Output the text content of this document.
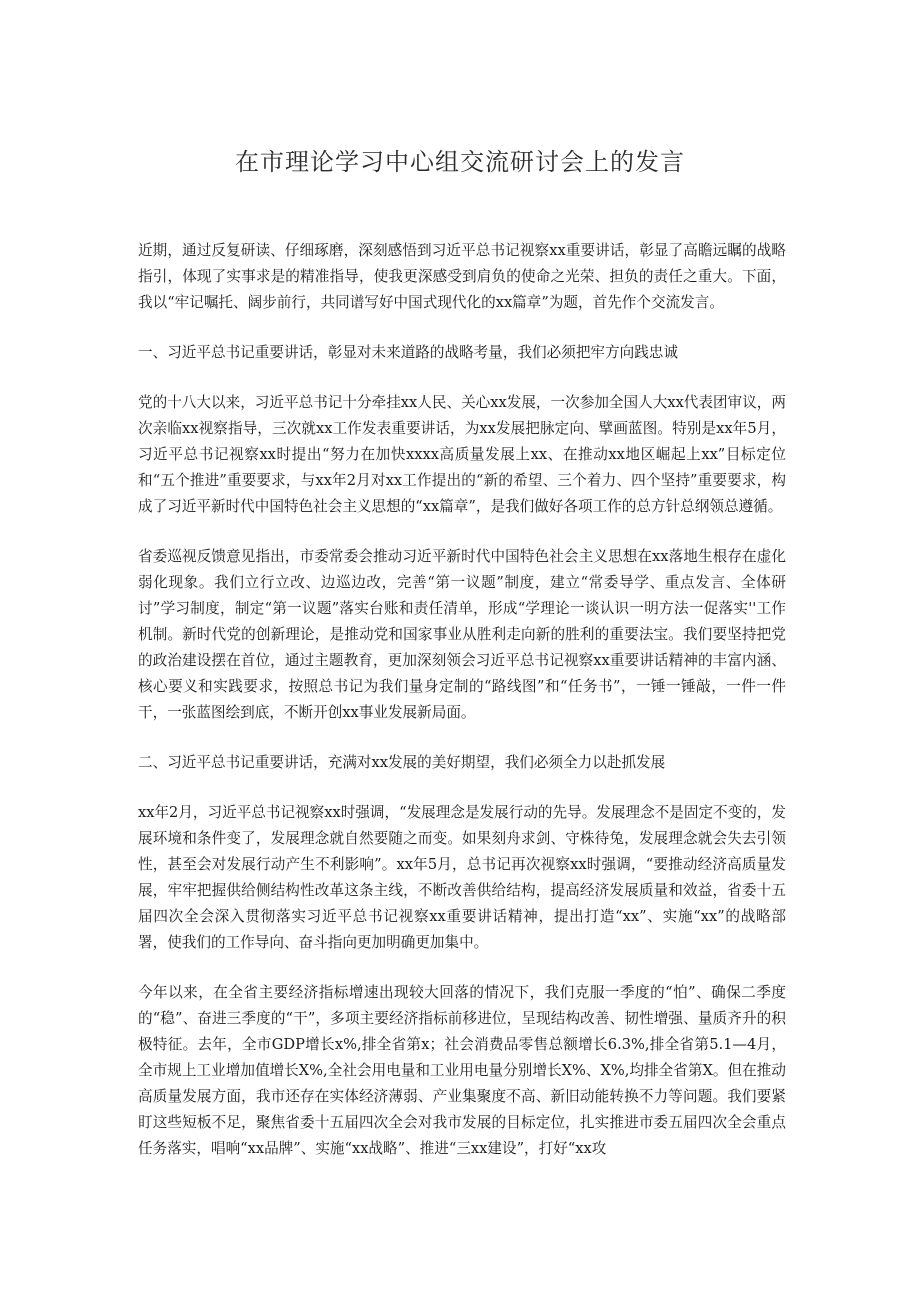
在市理论学习中心组交流研讨会上的发言

近期，通过反复研读、仔细琢磨，深刻感悟到习近平总书记视察xx重要讲话，彰显了高瞻远瞩的战略指引，体现了实事求是的精准指导，使我更深感受到肩负的使命之光荣、担负的责任之重大。下面，我以“牢记嘱托、阔步前行，共同谱写好中国式现代化的xx篇章”为题，首先作个交流发言。

一、习近平总书记重要讲话，彰显对未来道路的战略考量，我们必须把牢方向践忠诚

党的十八大以来，习近平总书记十分牵挂xx人民、关心xx发展，一次参加全国人大xx代表团审议，两次亲临xx视察指导，三次就xx工作发表重要讲话，为xx发展把脉定向、擘画蓝图。特别是xx年5月，习近平总书记视察xx时提出“努力在加快xxxx高质量发展上xx、在推动xx地区崛起上xx”目标定位和“五个推进”重要要求，与xx年2月对xx工作提出的“新的希望、三个着力、四个坚持”重要要求，构成了习近平新时代中国特色社会主义思想的“xx篇章”，是我们做好各项工作的总方针总纲领总遵循。

省委巡视反馈意见指出，市委常委会推动习近平新时代中国特色社会主义思想在xx落地生根存在虚化弱化现象。我们立行立改、边巡边改，完善“第一议题”制度，建立“常委导学、重点发言、全体研讨”学习制度，制定“第一议题”落实台账和责任清单，形成“学理论一谈认识一明方法一促落实''工作机制。新时代党的创新理论，是推动党和国家事业从胜利走向新的胜利的重要法宝。我们要坚持把党的政治建设摆在首位，通过主题教育，更加深刻领会习近平总书记视察xx重要讲话精神的丰富内涵、核心要义和实践要求，按照总书记为我们量身定制的“路线图”和“任务书”，一锤一锤敲，一件一件干，一张蓝图绘到底，不断开创xx事业发展新局面。

二、习近平总书记重要讲话，充满对xx发展的美好期望，我们必须全力以赴抓发展

xx年2月，习近平总书记视察xx时强调，“发展理念是发展行动的先导。发展理念不是固定不变的，发展环境和条件变了，发展理念就自然要随之而变。如果刻舟求剑、守株待兔，发展理念就会失去引领性，甚至会对发展行动产生不利影响”。xx年5月，总书记再次视察xx时强调，“要推动经济高质量发展，牢牢把握供给侧结构性改革这条主线，不断改善供给结构，提高经济发展质量和效益，省委十五届四次全会深入贯彻落实习近平总书记视察xx重要讲话精神，提出打造“xx”、实施“xx”的战略部署，使我们的工作导向、奋斗指向更加明确更加集中。

今年以来，在全省主要经济指标增速出现较大回落的情况下，我们克服一季度的“怕”、确保二季度的“稳”、奋进三季度的“干”，多项主要经济指标前移进位，呈现结构改善、韧性增强、量质齐升的积极特征。去年，全市GDP增长x%,排全省第x；社会消费品零售总额增长6.3%,排全省第5.1—4月，全市规上工业增加值增长X%,全社会用电量和工业用电量分别增长X%、X%,均排全省第X。但在推动高质量发展方面，我市还存在实体经济薄弱、产业集聚度不高、新旧动能转换不力等问题。我们要紧盯这些短板不足，聚焦省委十五届四次全会对我市发展的目标定位，扎实推进市委五届四次全会重点任务落实，唱响“xx品牌”、实施“xx战略”、推进“三xx建设”，打好“xx攻
